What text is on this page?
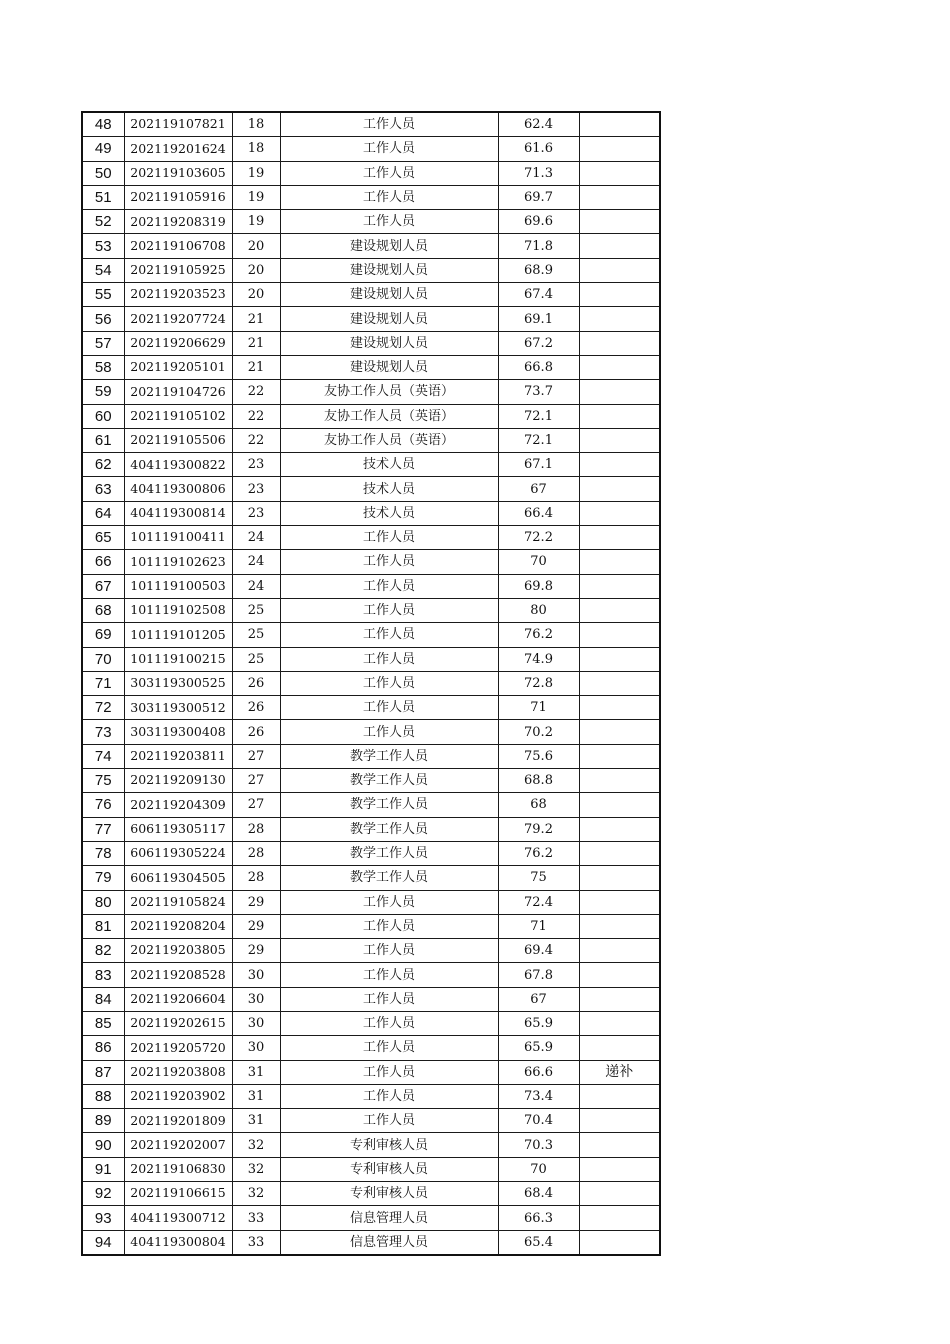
48	202119107821	18	工作人员	62.4	
49	202119201624	18	工作人员	61.6	
50	202119103605	19	工作人员	71.3	
51	202119105916	19	工作人员	69.7	
52	202119208319	19	工作人员	69.6	
53	202119106708	20	建设规划人员	71.8	
54	202119105925	20	建设规划人员	68.9	
55	202119203523	20	建设规划人员	67.4	
56	202119207724	21	建设规划人员	69.1	
57	202119206629	21	建设规划人员	67.2	
58	202119205101	21	建设规划人员	66.8	
59	202119104726	22	友协工作人员（英语）	73.7	
60	202119105102	22	友协工作人员（英语）	72.1	
61	202119105506	22	友协工作人员（英语）	72.1	
62	404119300822	23	技术人员	67.1	
63	404119300806	23	技术人员	67	
64	404119300814	23	技术人员	66.4	
65	101119100411	24	工作人员	72.2	
66	101119102623	24	工作人员	70	
67	101119100503	24	工作人员	69.8	
68	101119102508	25	工作人员	80	
69	101119101205	25	工作人员	76.2	
70	101119100215	25	工作人员	74.9	
71	303119300525	26	工作人员	72.8	
72	303119300512	26	工作人员	71	
73	303119300408	26	工作人员	70.2	
74	202119203811	27	教学工作人员	75.6	
75	202119209130	27	教学工作人员	68.8	
76	202119204309	27	教学工作人员	68	
77	606119305117	28	教学工作人员	79.2	
78	606119305224	28	教学工作人员	76.2	
79	606119304505	28	教学工作人员	75	
80	202119105824	29	工作人员	72.4	
81	202119208204	29	工作人员	71	
82	202119203805	29	工作人员	69.4	
83	202119208528	30	工作人员	67.8	
84	202119206604	30	工作人员	67	
85	202119202615	30	工作人员	65.9	
86	202119205720	30	工作人员	65.9	
87	202119203808	31	工作人员	66.6	递补
88	202119203902	31	工作人员	73.4	
89	202119201809	31	工作人员	70.4	
90	202119202007	32	专利审核人员	70.3	
91	202119106830	32	专利审核人员	70	
92	202119106615	32	专利审核人员	68.4	
93	404119300712	33	信息管理人员	66.3	
94	404119300804	33	信息管理人员	65.4	
